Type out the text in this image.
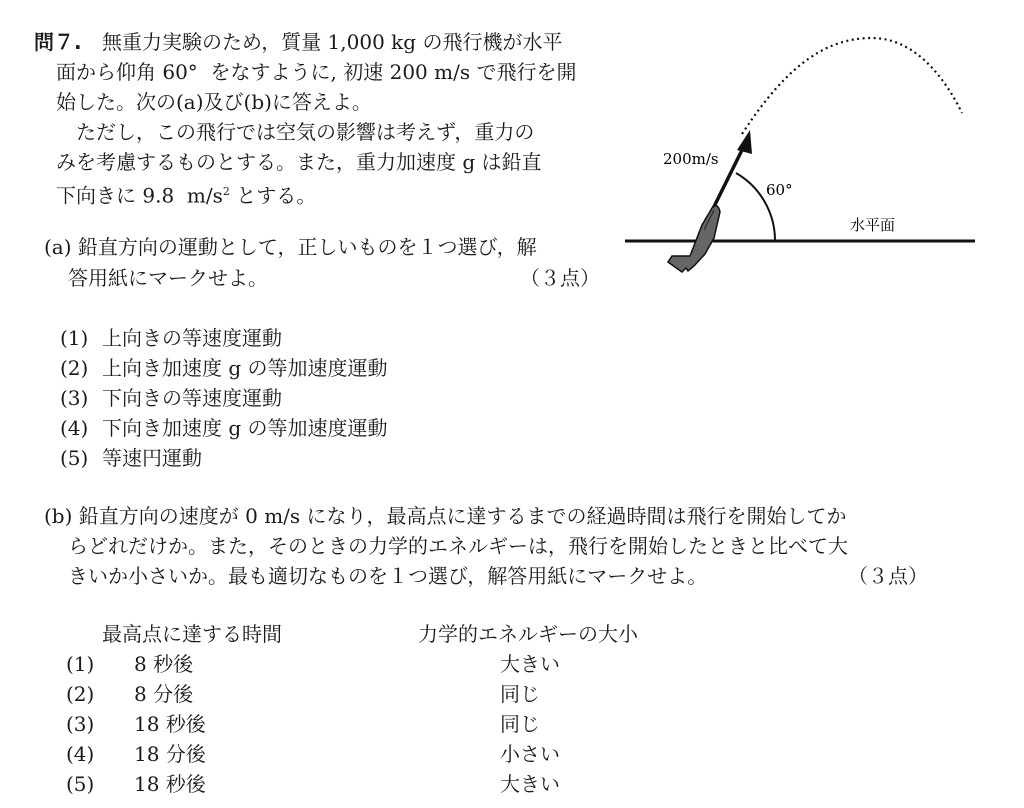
問７. 無重力実験のため，質量 1,000 kg の飛行機が水平
面から仰角 60°  をなすように, 初速 200 m/s で飛行を開
始した。次の(a)及び(b)に答えよ。
　ただし，この飛行では空気の影響は考えず，重力の
みを考慮するものとする。また，重力加速度 g は鉛直
下向きに 9.8  $m/s^2$ とする。
200m/s
60°
水平面
(a) 鉛直方向の運動として，正しいものを１つ選び，解
答用紙にマークせよ。	（３点）
(1) 上向きの等速度運動
(2) 上向き加速度 g の等加速度運動
(3) 下向きの等速度運動
(4) 下向き加速度 g の等加速度運動
(5) 等速円運動
(b) 鉛直方向の速度が 0 m/s になり，最高点に達するまでの経過時間は飛行を開始してか
らどれだけか。また，そのときの力学的エネルギーは，飛行を開始したときと比べて大
きいか小さいか。最も適切なものを１つ選び，解答用紙にマークせよ。	（３点）
最高点に達する時間	力学的エネルギーの大小
(1) 8 秒後	大きい
(2) 8 分後	同じ
(3) 18 秒後	同じ
(4) 18 分後	小さい
(5) 18 秒後	大きい
